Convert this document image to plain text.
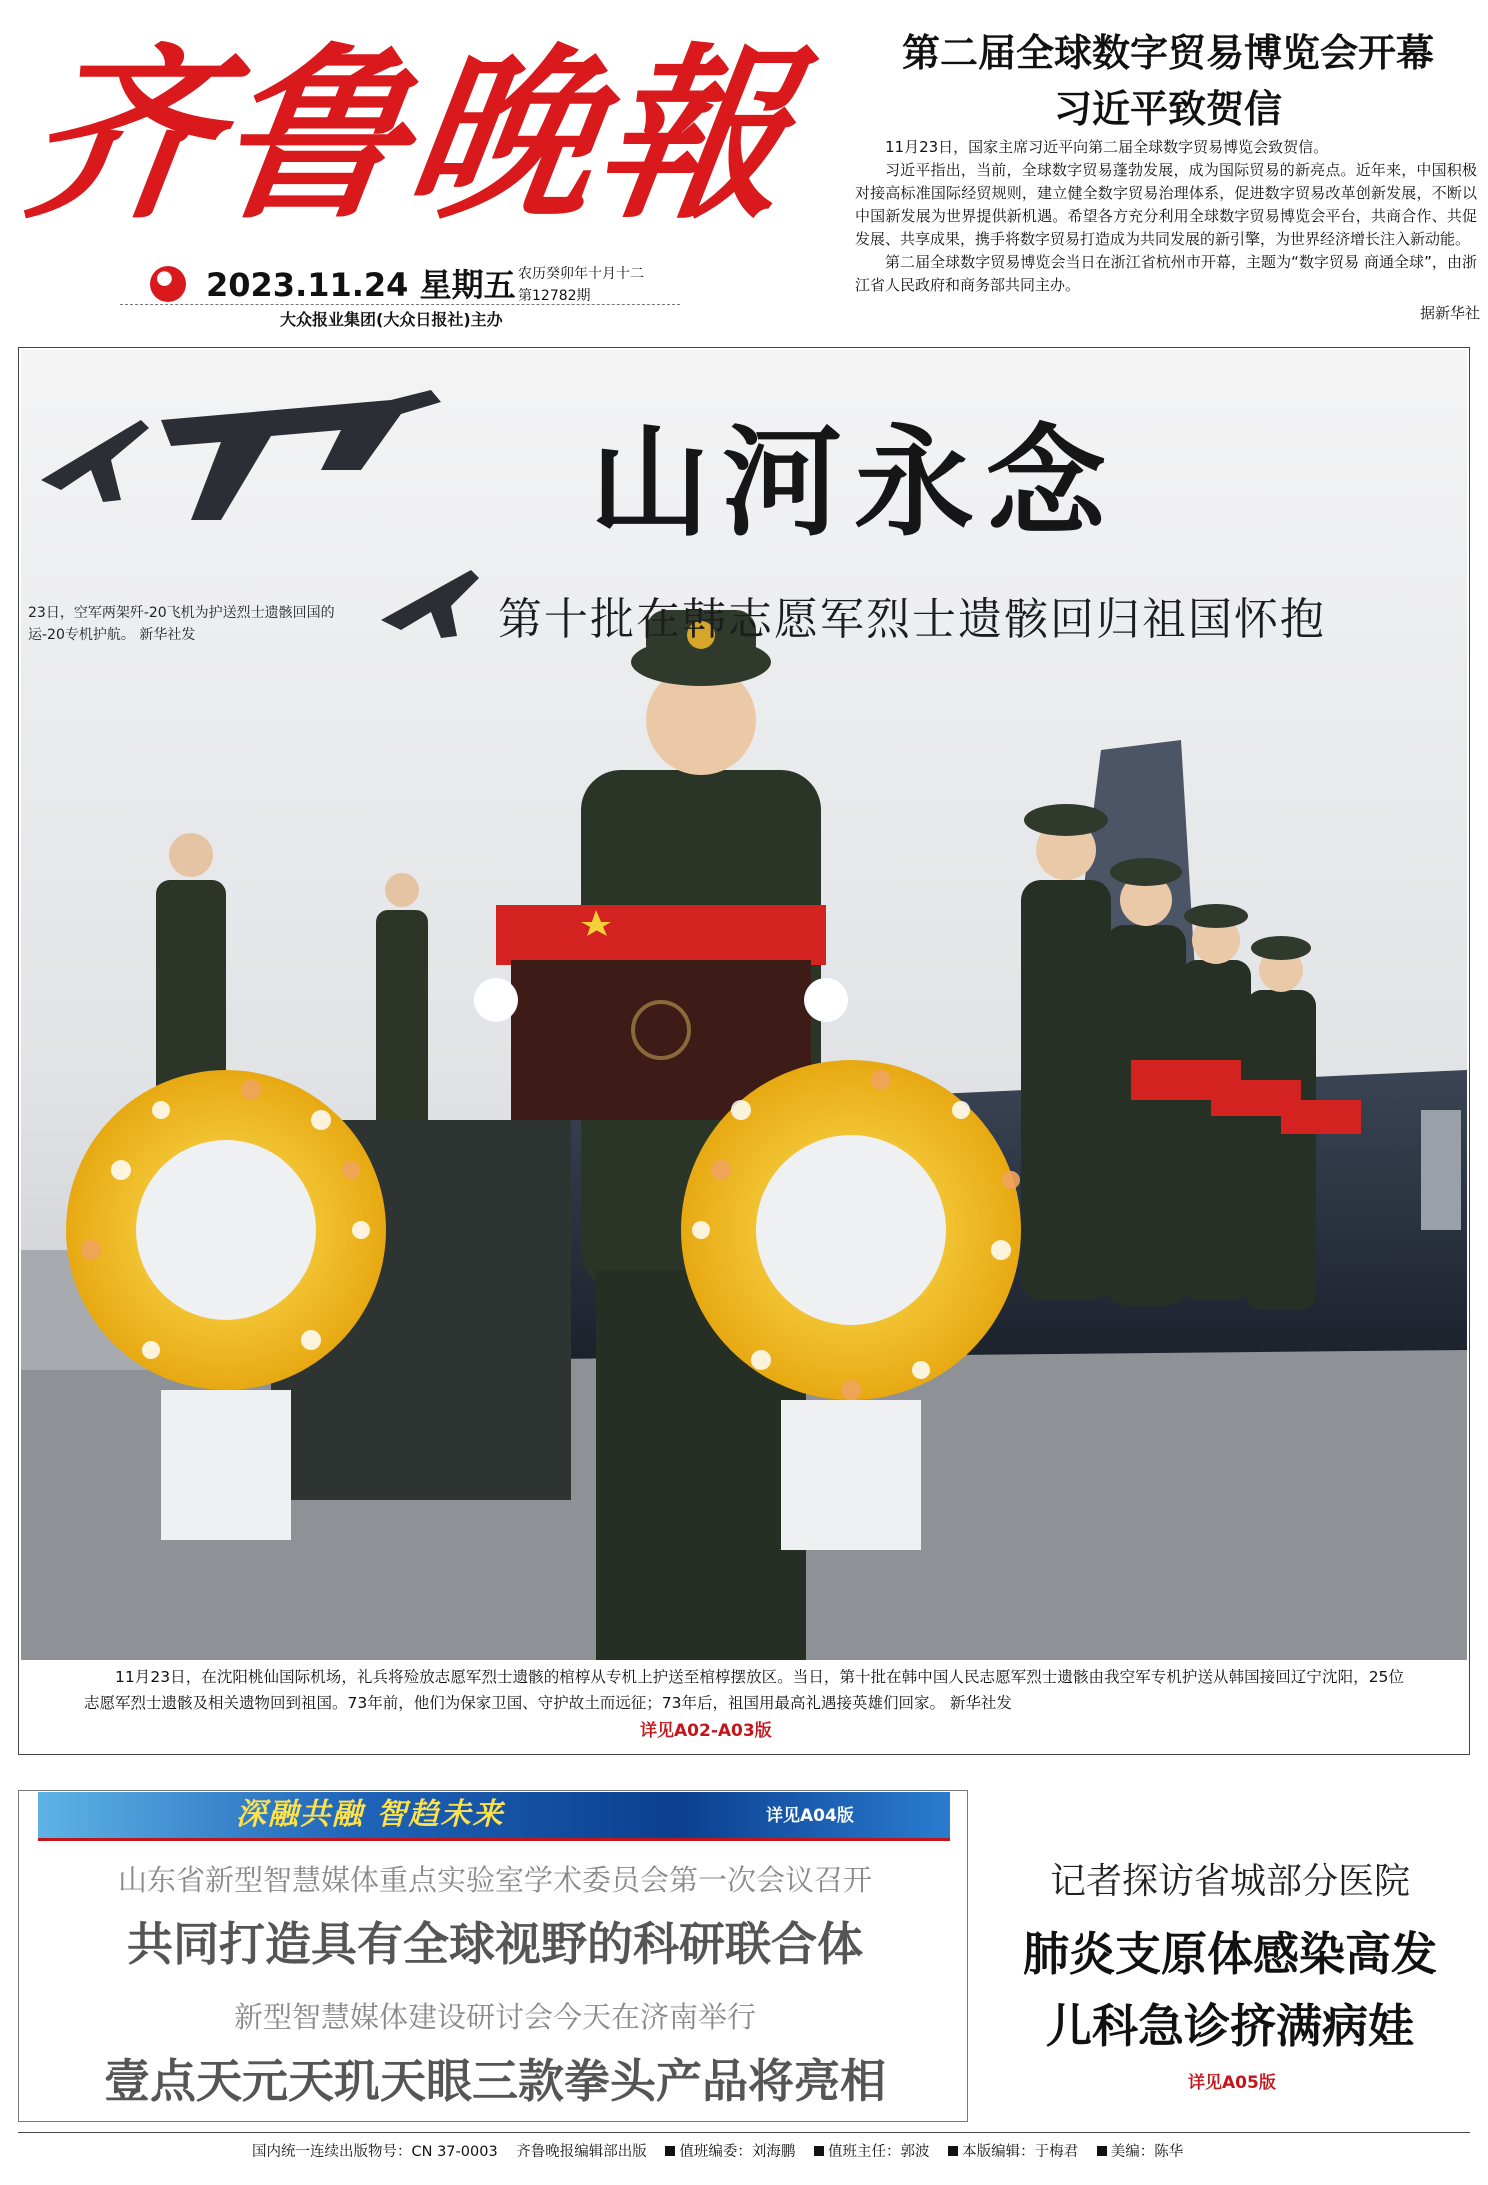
齐鲁晚報
2023.11.24 星期五 农历癸卯年十月十二
第12782期
大众报业集团(大众日报社)主办
第二届全球数字贸易博览会开幕
习近平致贺信

11月23日，国家主席习近平向第二届全球数字贸易博览会致贺信。

习近平指出，当前，全球数字贸易蓬勃发展，成为国际贸易的新亮点。近年来，中国积极对接高标准国际经贸规则，建立健全数字贸易治理体系，促进数字贸易改革创新发展，不断以中国新发展为世界提供新机遇。希望各方充分利用全球数字贸易博览会平台，共商合作、共促发展、共享成果，携手将数字贸易打造成为共同发展的新引擎，为世界经济增长注入新动能。

第二届全球数字贸易博览会当日在浙江省杭州市开幕，主题为“数字贸易 商通全球”，由浙江省人民政府和商务部共同主办。

据新华社
山河永念
第十批在韩志愿军烈士遗骸回归祖国怀抱
23日，空军两架歼-20飞机为护送烈士遗骸回国的运-20专机护航。 新华社发

11月23日，在沈阳桃仙国际机场，礼兵将殓放志愿军烈士遗骸的棺椁从专机上护送至棺椁摆放区。当日，第十批在韩中国人民志愿军烈士遗骸由我空军专机护送从韩国接回辽宁沈阳，25位志愿军烈士遗骸及相关遗物回到祖国。73年前，他们为保家卫国、守护故土而远征；73年后，祖国用最高礼遇接英雄们回家。 新华社发

详见A02-A03版
深融共融 智趋未来	详见A04版
山东省新型智慧媒体重点实验室学术委员会第一次会议召开
共同打造具有全球视野的科研联合体
新型智慧媒体建设研讨会今天在济南举行
壹点天元天玑天眼三款拳头产品将亮相
记者探访省城部分医院
肺炎支原体感染高发
儿科急诊挤满病娃
详见A05版
国内统一连续出版物号：CN 37-0003 齐鲁晚报编辑部出版 值班编委：刘海鹏 值班主任：郭波 本版编辑：于梅君 美编：陈华
